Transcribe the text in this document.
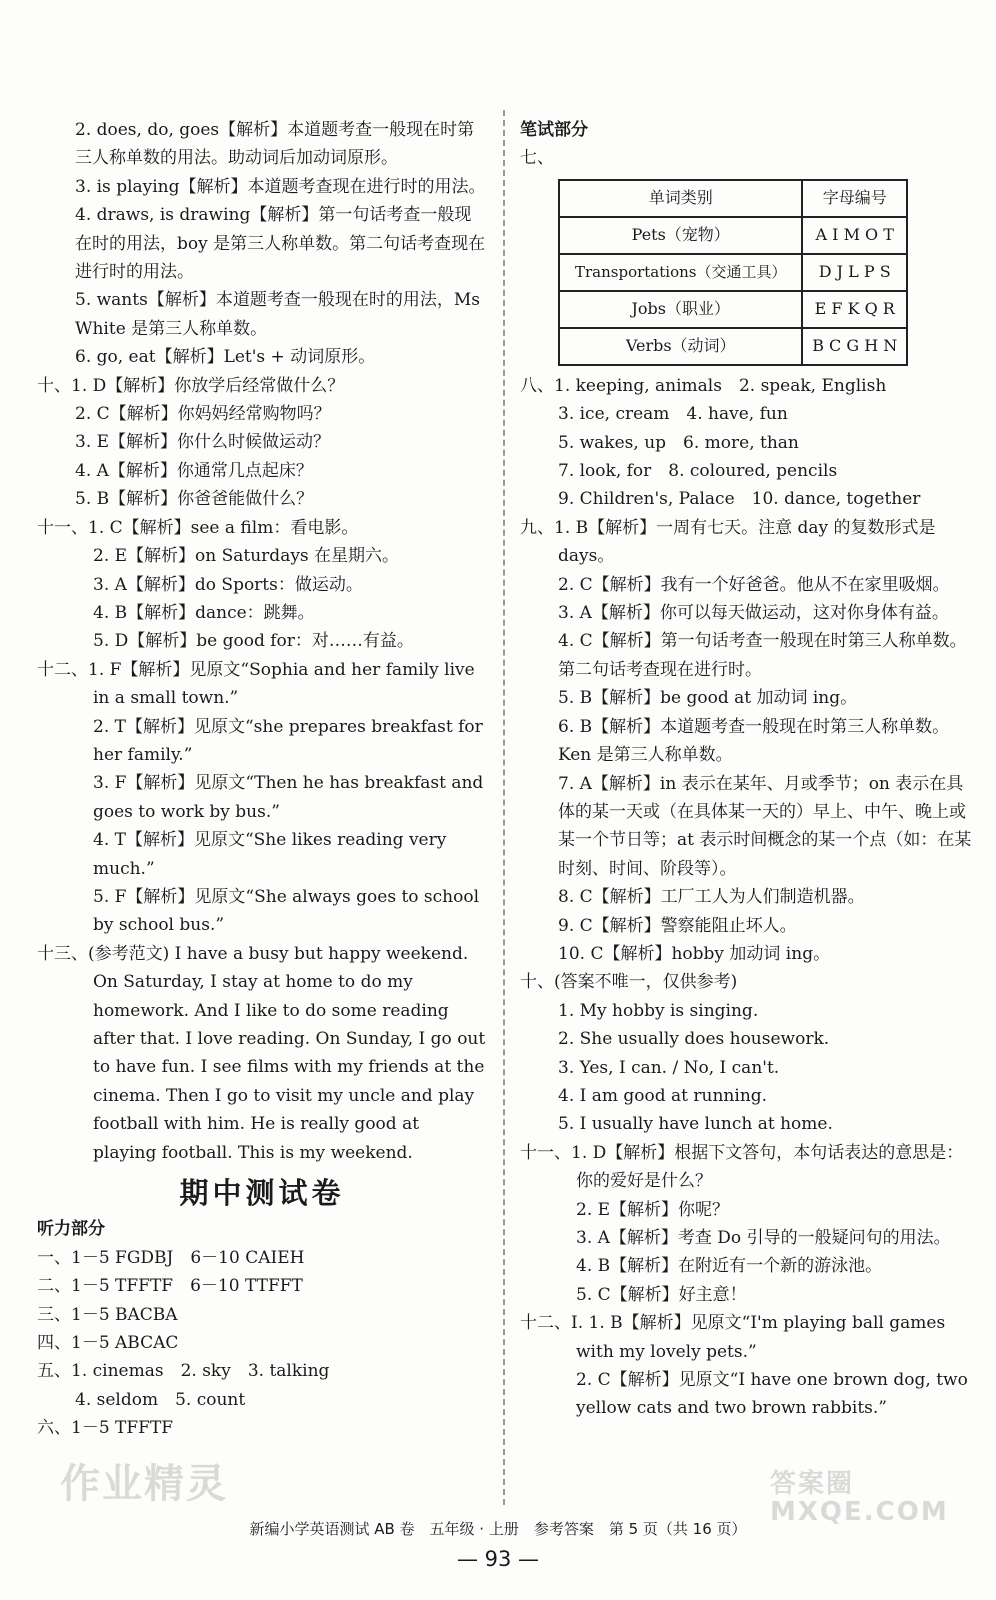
2. does, do, goes【解析】本道题考查一般现在时第三人称单数的用法。助动词后加动词原形。
3. is playing【解析】本道题考查现在进行时的用法。
4. draws, is drawing【解析】第一句话考查一般现在时的用法，boy 是第三人称单数。第二句话考查现在进行时的用法。
5. wants【解析】本道题考查一般现在时的用法，Ms White 是第三人称单数。
6. go, eat【解析】Let's + 动词原形。
十、1. D【解析】你放学后经常做什么？
2. C【解析】你妈妈经常购物吗？
3. E【解析】你什么时候做运动？
4. A【解析】你通常几点起床？
5. B【解析】你爸爸能做什么？
十一、1. C【解析】see a film：看电影。
2. E【解析】on Saturdays 在星期六。
3. A【解析】do Sports：做运动。
4. B【解析】dance：跳舞。
5. D【解析】be good for：对……有益。
十二、1. F【解析】见原文“Sophia and her family live in a small town.”
2. T【解析】见原文“she prepares breakfast for her family.”
3. F【解析】见原文“Then he has breakfast and goes to work by bus.”
4. T【解析】见原文“She likes reading very much.”
5. F【解析】见原文“She always goes to school by school bus.”
十三、(参考范文) I have a busy but happy weekend. On Saturday, I stay at home to do my homework. And I like to do some reading after that. I love reading. On Sunday, I go out to have fun. I see films with my friends at the cinema. Then I go to visit my uncle and play football with him. He is really good at playing football. This is my weekend.
期中测试卷
听力部分
一、1－5 FGDBJ　6－10 CAIEH
二、1－5 TFFTF　6－10 TTFFT
三、1－5 BACBA
四、1－5 ABCAC
五、1. cinemas　2. sky　3. talking
4. seldom　5. count
六、1－5 TFFTF
笔试部分
七、
单词类别	字母编号
Pets（宠物）	A I M O T
Transportations（交通工具）	D J L P S
Jobs（职业）	E F K Q R
Verbs（动词）	B C G H N
八、1. keeping, animals　2. speak, English
3. ice, cream　4. have, fun
5. wakes, up　6. more, than
7. look, for　8. coloured, pencils
9. Children's, Palace　10. dance, together
九、1. B【解析】一周有七天。注意 day 的复数形式是 days。
2. C【解析】我有一个好爸爸。他从不在家里吸烟。
3. A【解析】你可以每天做运动，这对你身体有益。
4. C【解析】第一句话考查一般现在时第三人称单数。第二句话考查现在进行时。
5. B【解析】be good at 加动词 ing。
6. B【解析】本道题考查一般现在时第三人称单数。Ken 是第三人称单数。
7. A【解析】in 表示在某年、月或季节；on 表示在具体的某一天或（在具体某一天的）早上、中午、晚上或某一个节日等；at 表示时间概念的某一个点（如：在某时刻、时间、阶段等）。
8. C【解析】工厂工人为人们制造机器。
9. C【解析】警察能阻止坏人。
10. C【解析】hobby 加动词 ing。
十、(答案不唯一，仅供参考)
1. My hobby is singing.
2. She usually does housework.
3. Yes, I can. / No, I can't.
4. I am good at running.
5. I usually have lunch at home.
十一、1. D【解析】根据下文答句，本句话表达的意思是：你的爱好是什么？
2. E【解析】你呢？
3. A【解析】考查 Do 引导的一般疑问句的用法。
4. B【解析】在附近有一个新的游泳池。
5. C【解析】好主意！
十二、Ⅰ. 1. B【解析】见原文“I'm playing ball games with my lovely pets.”
2. C【解析】见原文“I have one brown dog, two yellow cats and two brown rabbits.”
新编小学英语测试 AB 卷　五年级 · 上册　参考答案　第 5 页（共 16 页）
— 93 —
作业精灵	答案圈 MXQE.COM
